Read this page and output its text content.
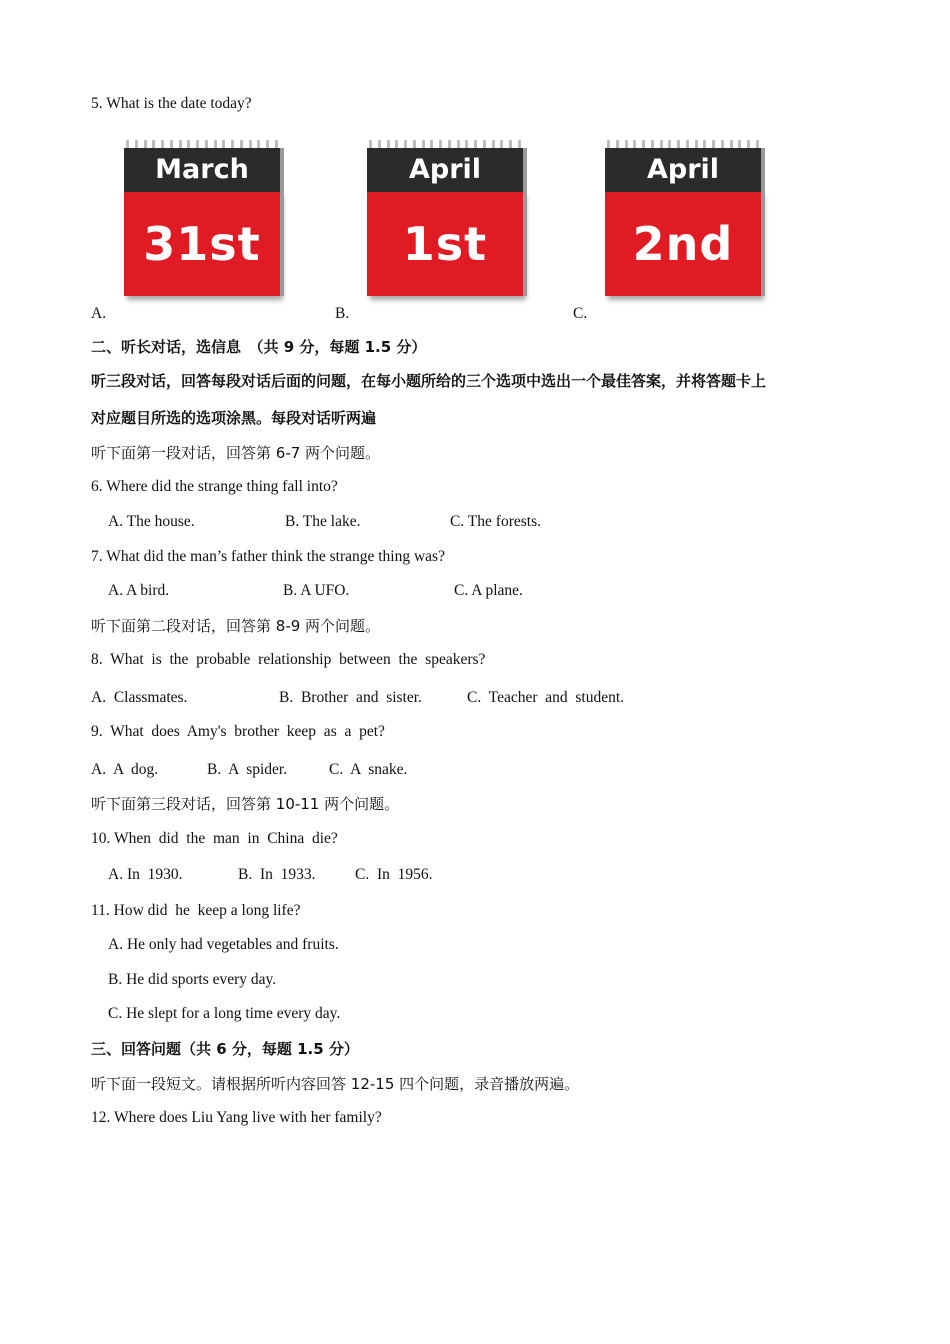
5. What is the date today?
March
31st
A.
April
1st
B.
April
2nd
C.
二、听长对话，选信息　（共 9 分，每题 1.5 分）
听三段对话，回答每段对话后面的问题，在每小题所给的三个选项中选出一个最佳答案，并将答题卡上
对应题目所选的选项涂黑。每段对话听两遍
听下面第一段对话，回答第 6-7 两个问题。
6. Where did the strange thing fall into?
A. The house.	B. The lake.	C. The forests.
7. What did the man’s father think the strange thing was?
A. A bird.	B. A UFO.	C. A plane.
听下面第二段对话，回答第 8-9 两个问题。
8.  What  is  the  probable  relationship  between  the  speakers?
A.  Classmates.	B.  Brother  and  sister.	C.  Teacher  and  student.
9.  What  does  Amy's  brother  keep  as  a  pet?
A.  A  dog.	B.  A  spider.	C.  A  snake.
听下面第三段对话，回答第 10-11 两个问题。
10. When  did  the  man  in  China  die?
A. In  1930.	B.  In  1933.	C.  In  1956.
11. How did  he  keep a long life?
A. He only had vegetables and fruits.
B. He did sports every day.
C. He slept for a long time every day.
三、回答问题（共 6 分，每题 1.5 分）
听下面一段短文。请根据所听内容回答 12-15 四个问题，录音播放两遍。
12. Where does Liu Yang live with her family?
